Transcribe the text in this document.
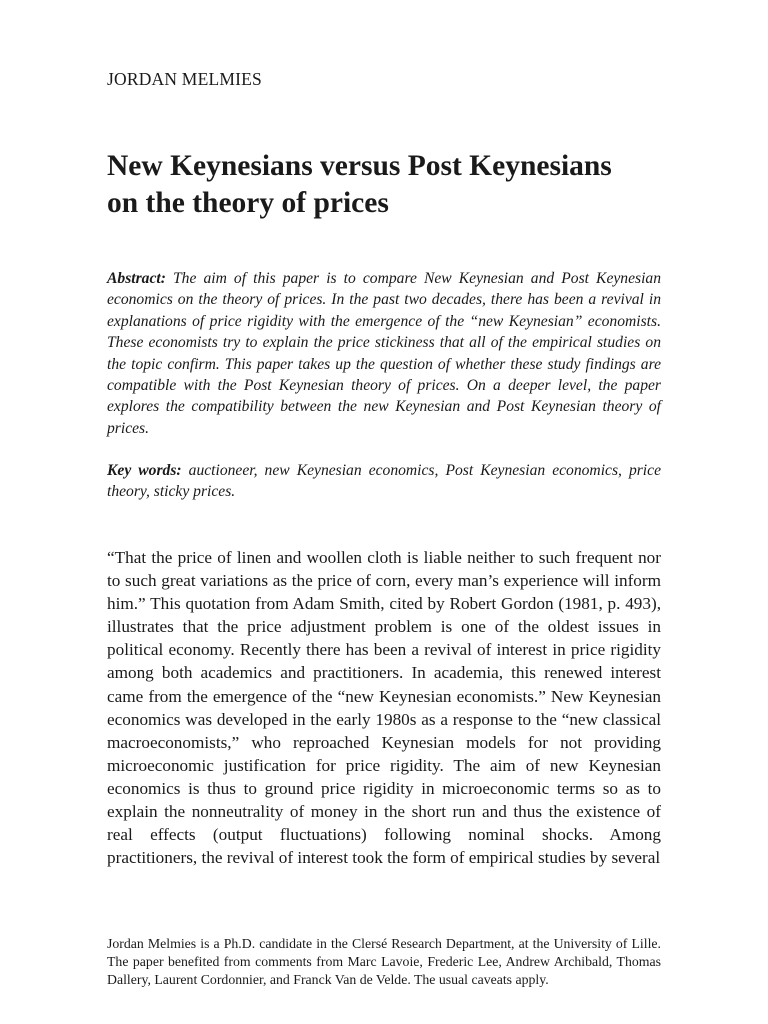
JORDAN MELMIES
New Keynesians versus Post Keynesians
on the theory of prices

Abstract: The aim of this paper is to compare New Keynesian and Post Keynesian economics on the theory of prices. In the past two decades, there has been a revival in explanations of price rigidity with the emergence of the “new Keynesian” economists. These economists try to explain the price stickiness that all of the empirical studies on the topic confirm. This paper takes up the question of whether these study findings are compatible with the Post Keynesian theory of prices. On a deeper level, the paper explores the compatibility between the new Keynesian and Post Keynesian theory of prices.

Key words: auctioneer, new Keynesian economics, Post Keynesian economics, price theory, sticky prices.

“That the price of linen and woollen cloth is liable neither to such frequent nor to such great variations as the price of corn, every man’s experience will inform him.” This quotation from Adam Smith, cited by Robert Gordon (1981, p. 493), illustrates that the price adjustment problem is one of the oldest issues in political economy. Recently there has been a revival of interest in price rigidity among both academics and practitioners. In academia, this renewed interest came from the emergence of the “new Keynesian economists.” New Keynesian economics was developed in the early 1980s as a response to the “new classical macroeconomists,” who reproached Keynesian models for not providing microeconomic justification for price rigidity. The aim of new Keynesian economics is thus to ground price rigidity in microeconomic terms so as to explain the nonneutrality of money in the short run and thus the existence of real effects (output fluctuations) following nominal shocks. Among practitioners, the revival of interest took the form of empirical studies by several

Jordan Melmies is a Ph.D. candidate in the Clersé Research Department, at the University of Lille. The paper benefited from comments from Marc Lavoie, Frederic Lee, Andrew Archibald, Thomas Dallery, Laurent Cordonnier, and Franck Van de Velde. The usual caveats apply.
